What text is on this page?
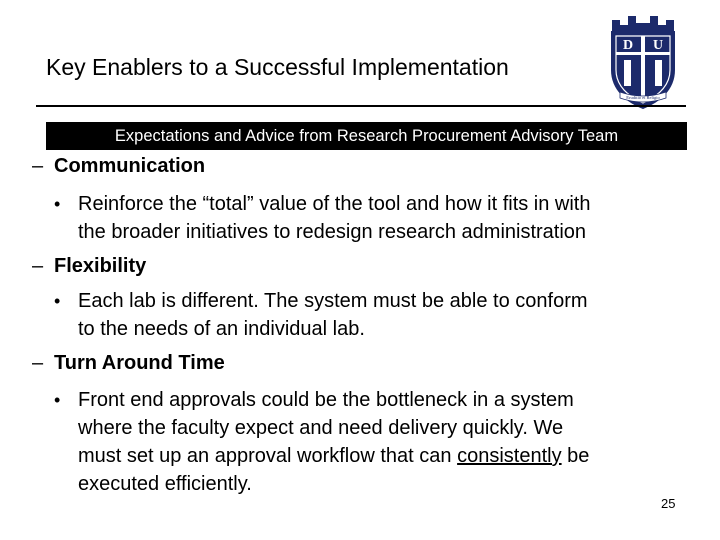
Key Enablers to a Successful Implementation
D U
Eruditio et Religio
Expectations and Advice from Research Procurement Advisory Team
– Communication
• Reinforce the “total” value of the tool and how it fits in with
the broader initiatives to redesign research administration
– Flexibility
• Each lab is different. The system must be able to conform
to the needs of an individual lab.
– Turn Around Time
• Front end approvals could be the bottleneck in a system
where the faculty expect and need delivery quickly. We
must set up an approval workflow that can consistently be
executed efficiently.
25
